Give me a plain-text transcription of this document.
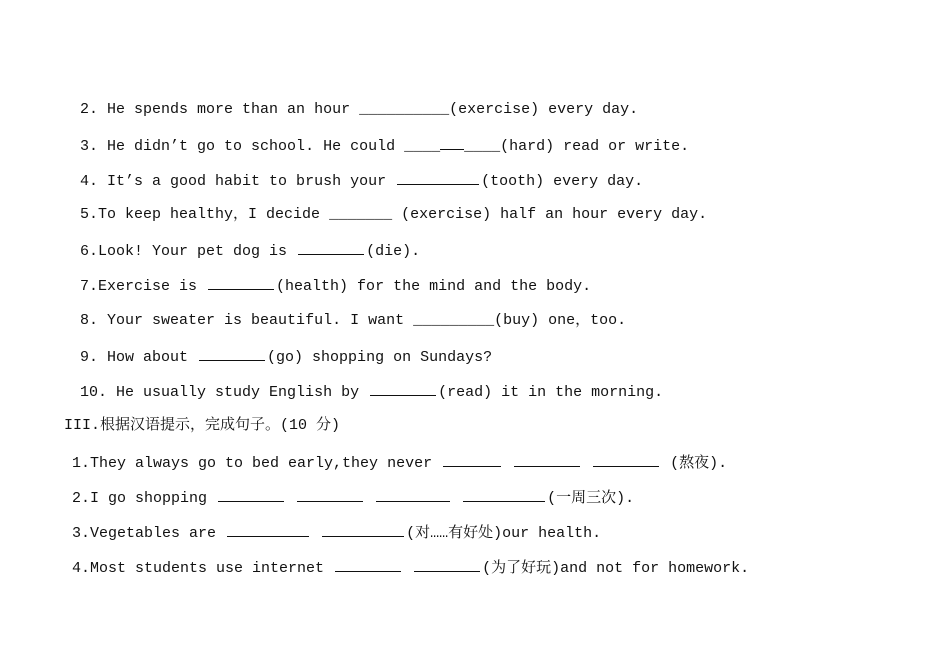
2. He spends more than an hour __________(exercise) every day.
3. He didn’t go to school. He could ____ ____(hard) read or write.
4. It’s a good habit to brush your	(tooth) every day.
5.To keep healthy，I decide _______ (exercise) half an hour every day.
6.Look! Your pet dog is	(die).
7.Exercise is	(health) for the mind and the body.
8. Your sweater is beautiful. I want _________(buy) one，too.
9. How about	(go) shopping on Sundays?
10. He usually study English by	(read) it in the morning.
III.根据汉语提示，完成句子。(10 分)
1.They always go to bed early,they never	(熬夜).
2.I go shopping	(一周三次).
3.Vegetables are	(对……有好处)our health.
4.Most students use internet	(为了好玩)and not for homework.
